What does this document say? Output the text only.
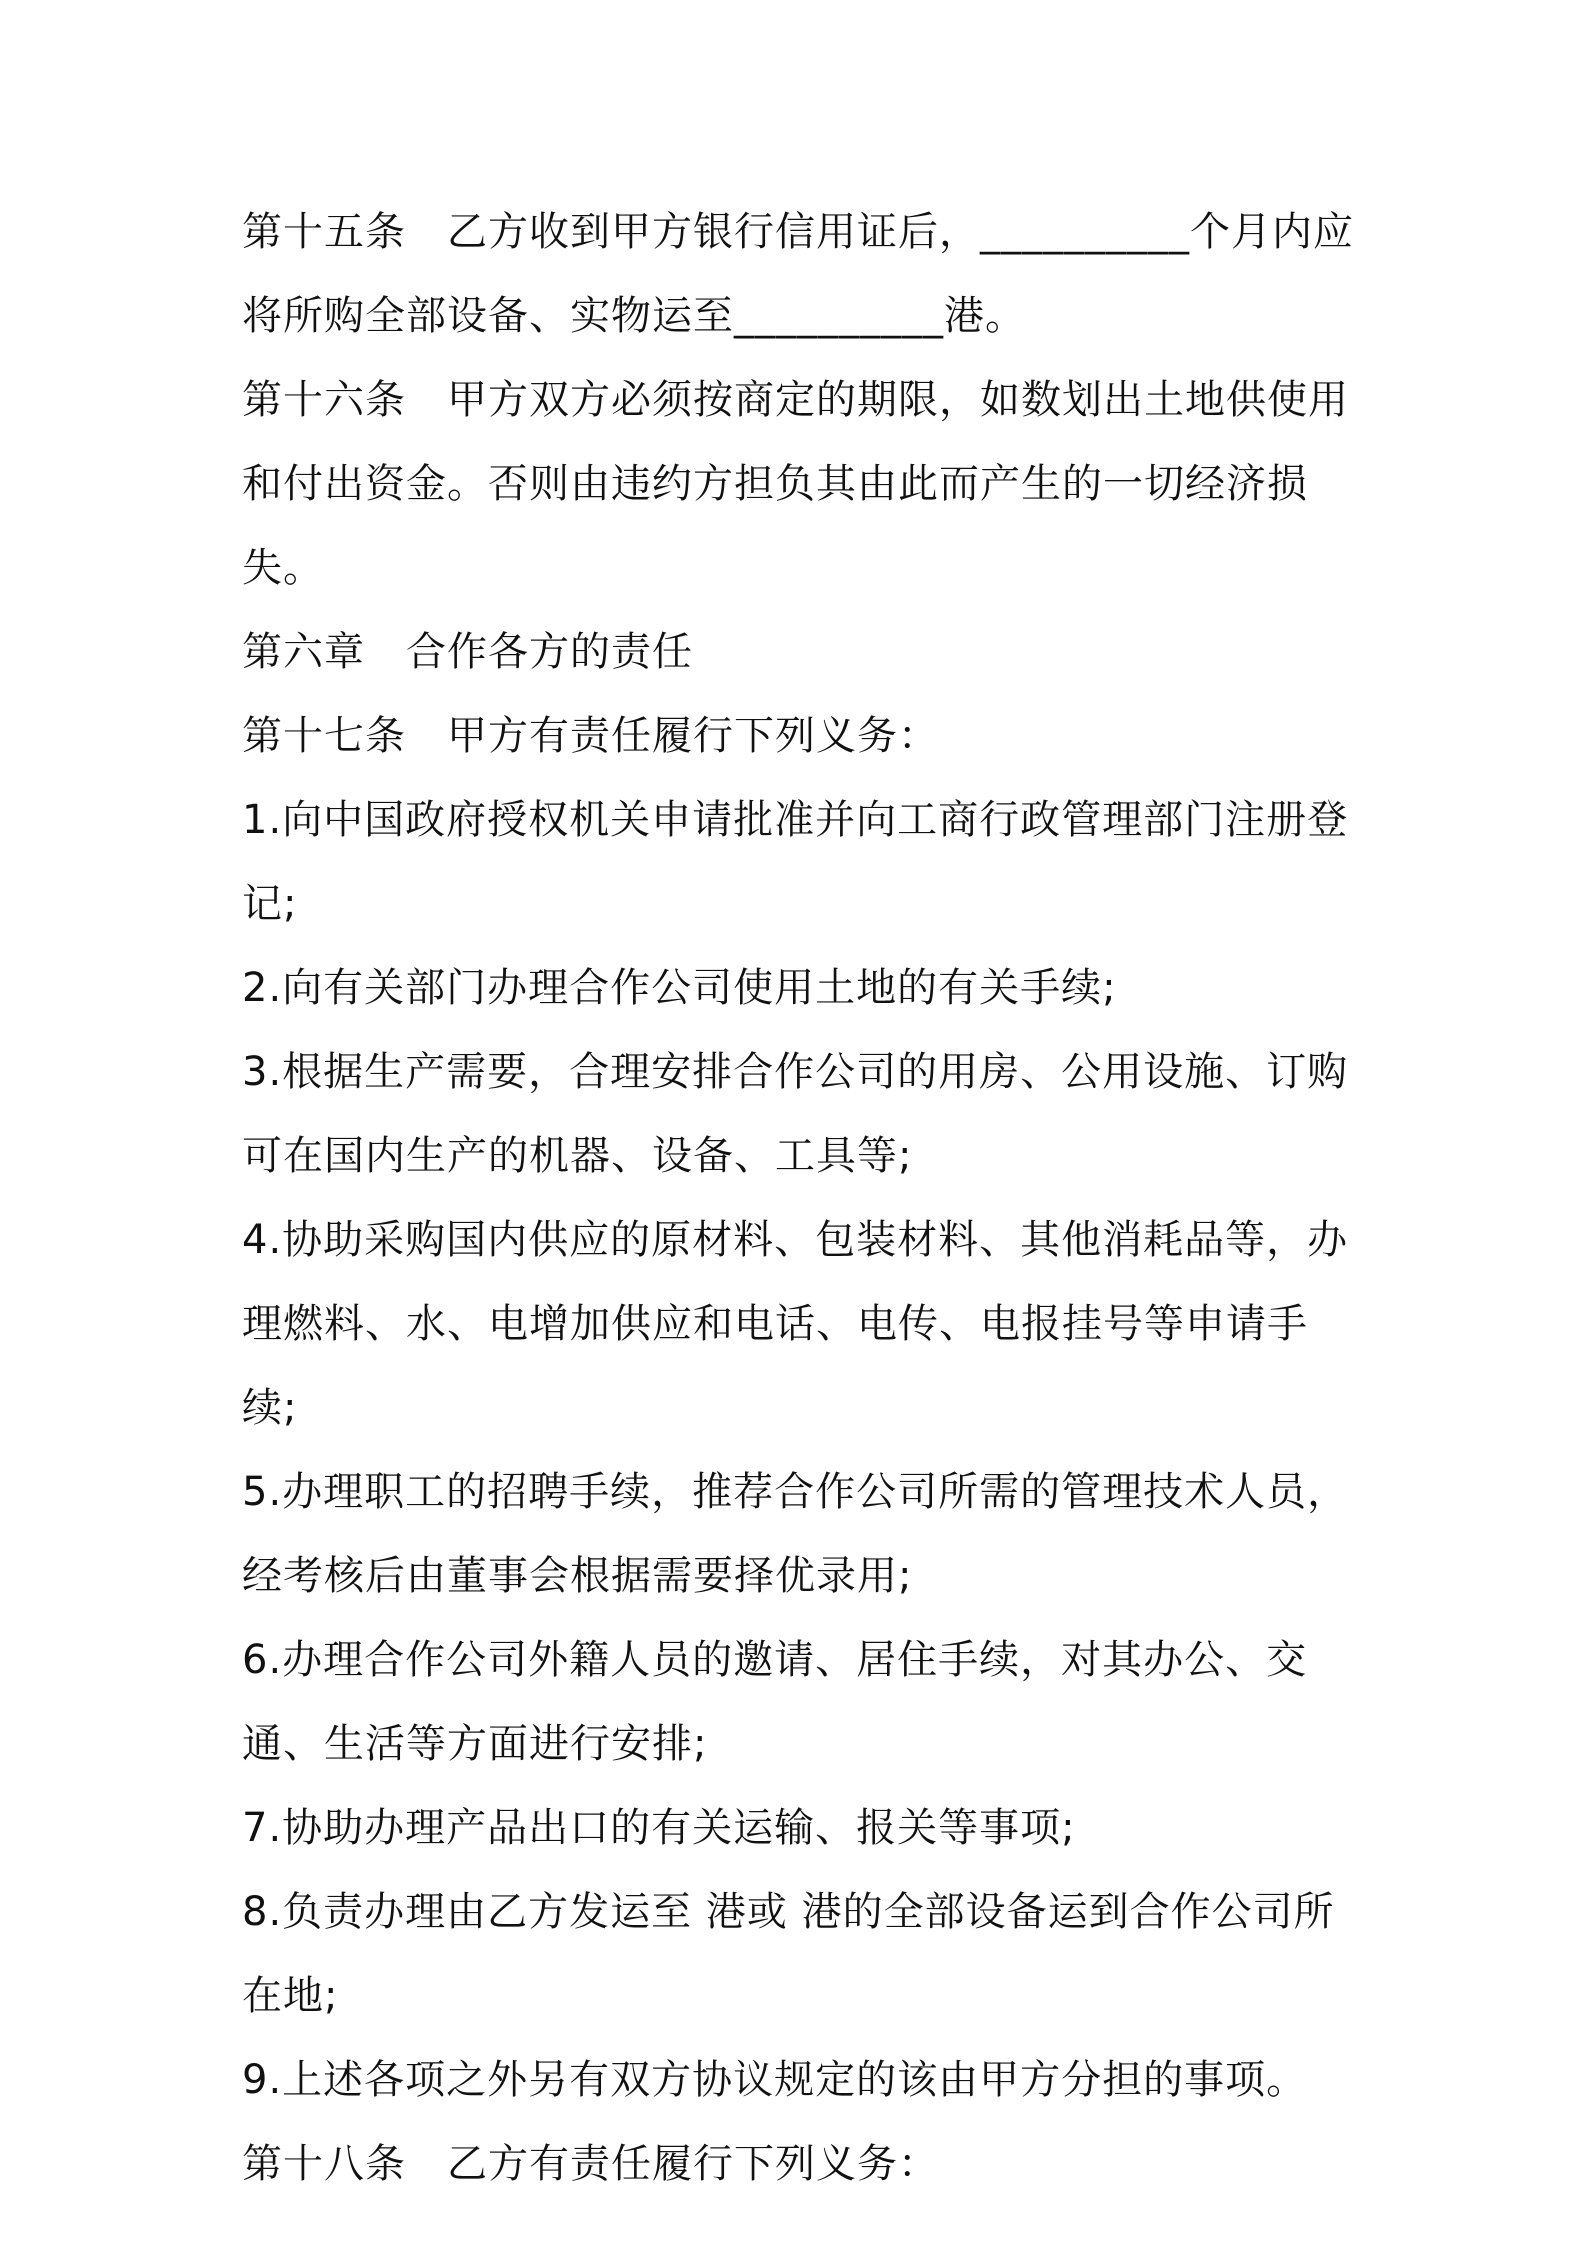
第十五条　乙方收到甲方银行信用证后，__________个月内应将所购全部设备、实物运至__________港。

第十六条　甲方双方必须按商定的期限，如数划出土地供使用和付出资金。否则由违约方担负其由此而产生的一切经济损失。

第六章　合作各方的责任

第十七条　甲方有责任履行下列义务：

1.向中国政府授权机关申请批准并向工商行政管理部门注册登记;

2.向有关部门办理合作公司使用土地的有关手续;

3.根据生产需要，合理安排合作公司的用房、公用设施、订购可在国内生产的机器、设备、工具等;

4.协助采购国内供应的原材料、包装材料、其他消耗品等，办理燃料、水、电增加供应和电话、电传、电报挂号等申请手续;

5.办理职工的招聘手续，推荐合作公司所需的管理技术人员，经考核后由董事会根据需要择优录用;

6.办理合作公司外籍人员的邀请、居住手续，对其办公、交通、生活等方面进行安排;

7.协助办理产品出口的有关运输、报关等事项;

8.负责办理由乙方发运至 港或 港的全部设备运到合作公司所在地;

9.上述各项之外另有双方协议规定的该由甲方分担的事项。

第十八条　乙方有责任履行下列义务：
